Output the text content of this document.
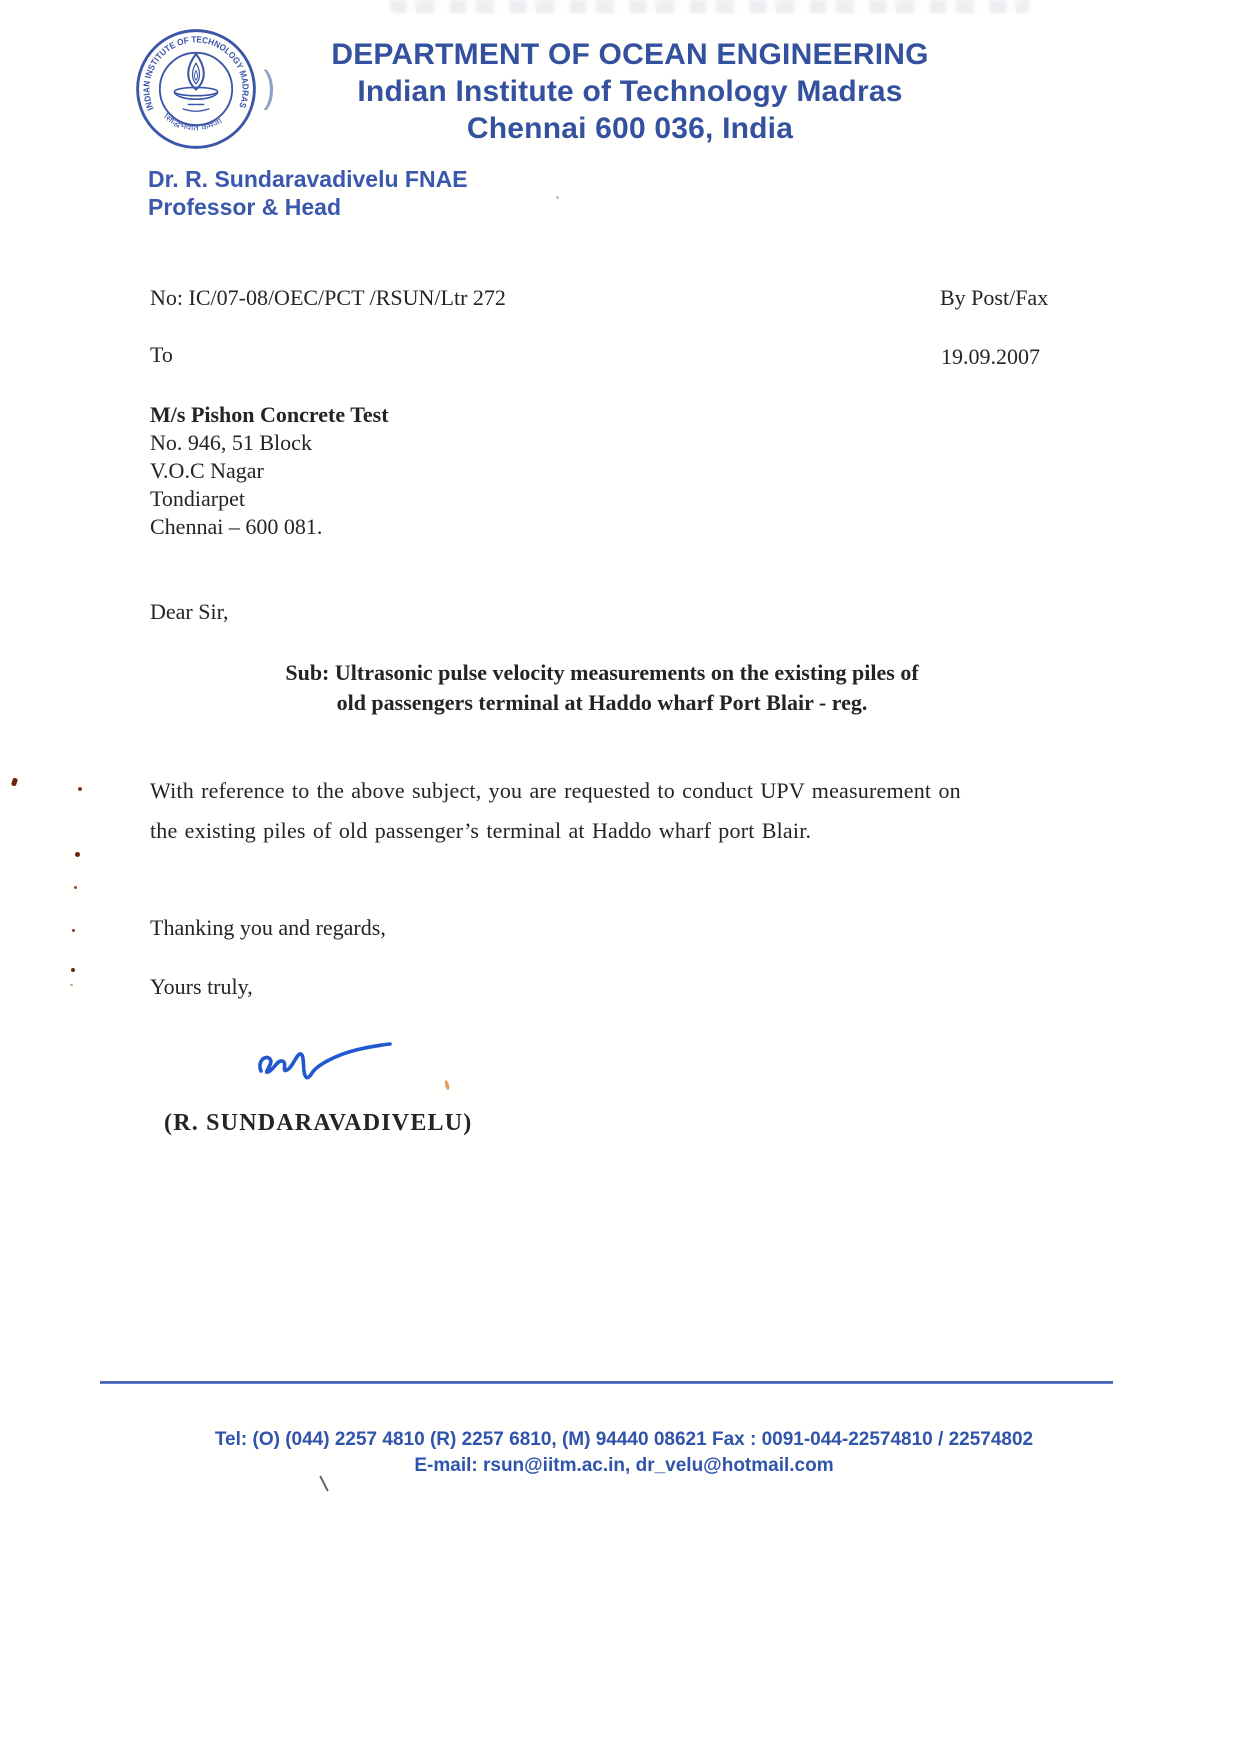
INDIAN INSTITUTE OF TECHNOLOGY MADRAS
सिद्धिर्भवति कर्मजा
)
DEPARTMENT OF OCEAN ENGINEERING
Indian Institute of Technology Madras
Chennai 600 036, India
Dr. R. Sundaravadivelu FNAE
Professor & Head
No: IC/07-08/OEC/PCT /RSUN/Ltr 272	By Post/Fax
To	19.09.2007
M/s Pishon Concrete Test
No. 946, 51 Block
V.O.C Nagar
Tondiarpet
Chennai – 600 081.
Dear Sir,
Sub: Ultrasonic pulse velocity measurements on the existing piles of
old passengers terminal at Haddo wharf Port Blair - reg.
With reference to the above subject, you are requested to conduct UPV measurement on
the existing piles of old passenger’s terminal at Haddo wharf port Blair.
Thanking you and regards,
Yours truly,
(R. SUNDARAVADIVELU)
Tel: (O) (044) 2257 4810 (R) 2257 6810, (M) 94440 08621 Fax : 0091-044-22574810 / 22574802
E-mail: rsun@iitm.ac.in, dr_velu@hotmail.com
